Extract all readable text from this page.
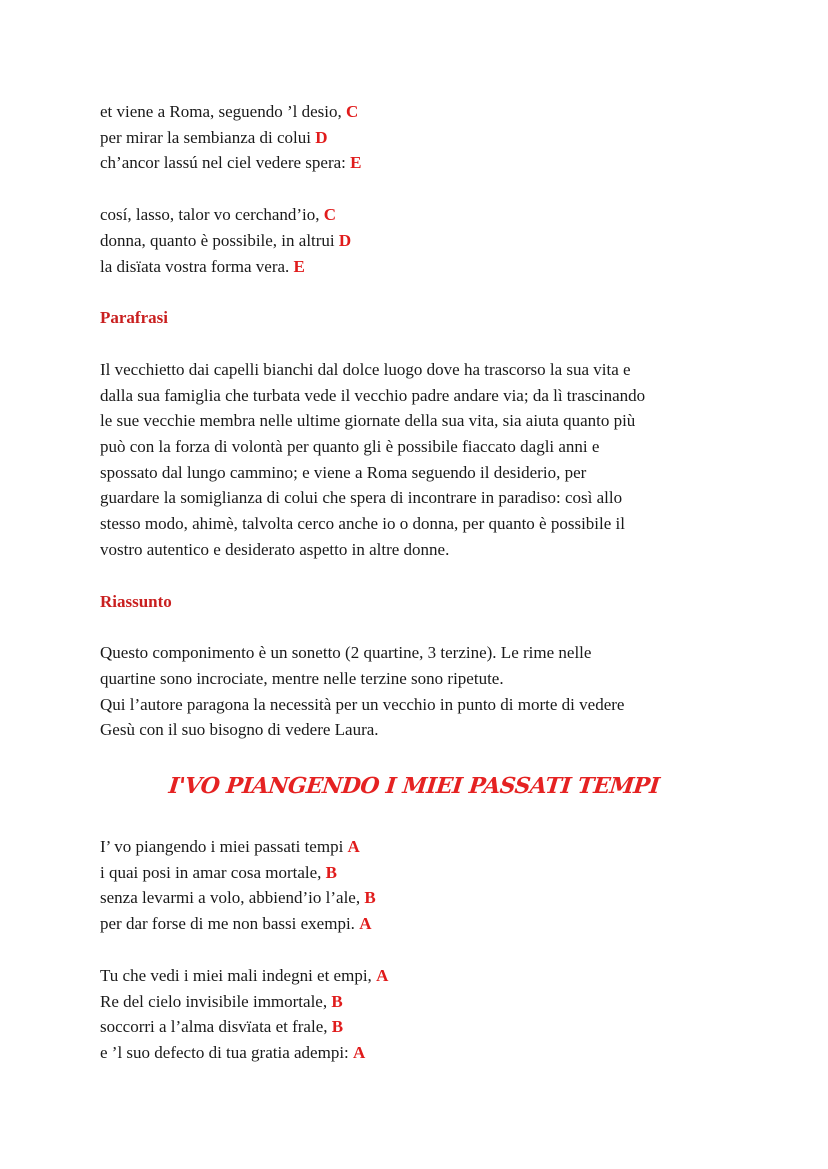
et viene a Roma, seguendo ’l desio, C
per mirar la sembianza di colui D
ch’ancor lassú nel ciel vedere spera: E
cosí, lasso, talor vo cerchand’io, C
donna, quanto è possibile, in altrui D
la disïata vostra forma vera. E

Parafrasi

Il vecchietto dai capelli bianchi dal dolce luogo dove ha trascorso la sua vita e
dalla sua famiglia che turbata vede il vecchio padre andare via; da lì trascinando
le sue vecchie membra nelle ultime giornate della sua vita, sia aiuta quanto più
può con la forza di volontà per quanto gli è possibile fiaccato dagli anni e
spossato dal lungo cammino; e viene a Roma seguendo il desiderio, per
guardare la somiglianza di colui che spera di incontrare in paradiso: così allo
stesso modo, ahimè, talvolta cerco anche io o donna, per quanto è possibile il
vostro autentico e desiderato aspetto in altre donne.

Riassunto

Questo componimento è un sonetto (2 quartine, 3 terzine). Le rime nelle
quartine sono incrociate, mentre nelle terzine sono ripetute.
Qui l’autore paragona la necessità per un vecchio in punto di morte di vedere
Gesù con il suo bisogno di vedere Laura.

I'VO PIANGENDO I MIEI PASSATI TEMPI

I’ vo piangendo i miei passati tempi A
i quai posi in amar cosa mortale, B
senza levarmi a volo, abbiend’io l’ale, B
per dar forse di me non bassi exempi. A
Tu che vedi i miei mali indegni et empi, A
Re del cielo invisibile immortale, B
soccorri a l’alma disvïata et frale, B
e ’l suo defecto di tua gratia adempi: A
